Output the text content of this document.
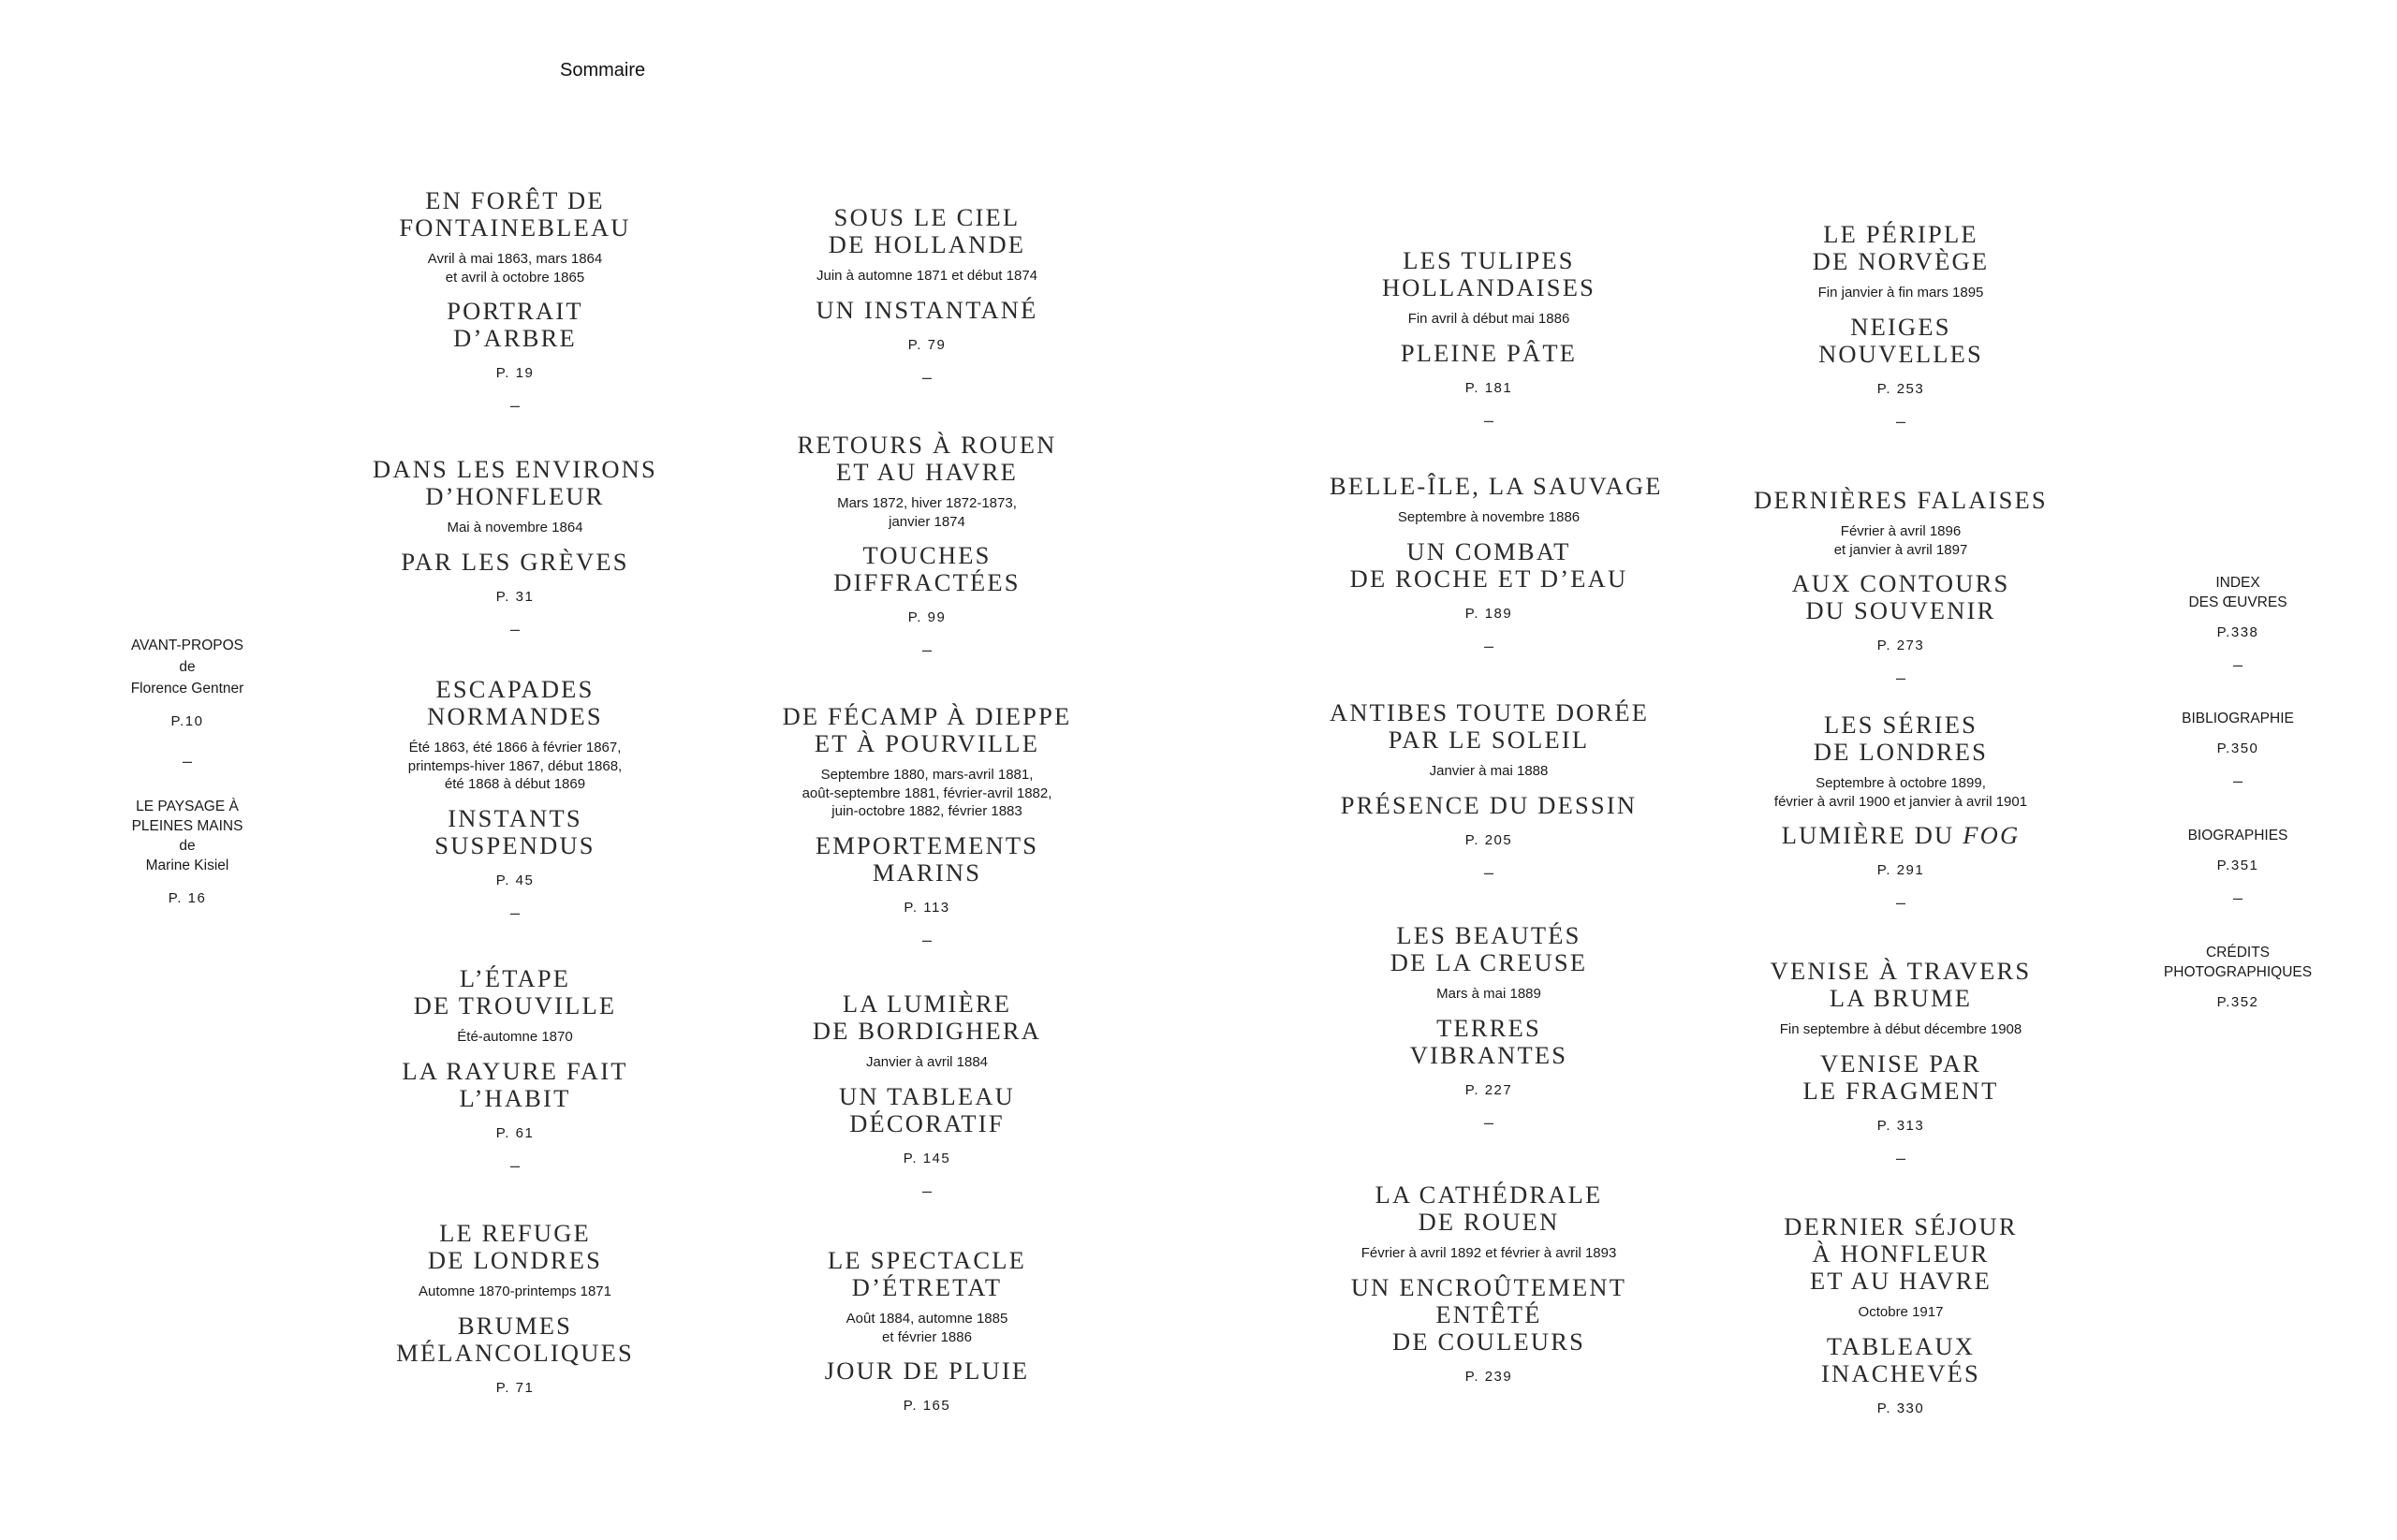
Sommaire
AVANT-PROPOS
de
Florence Gentner
P.10
–
LE PAYSAGE À
PLEINES MAINS
de
Marine Kisiel
P. 16
EN FORÊT DE
FONTAINEBLEAU
Avril à mai 1863, mars 1864
et avril à octobre 1865
PORTRAIT
D’ARBRE
P. 19
–
DANS LES ENVIRONS
D’HONFLEUR
Mai à novembre 1864
PAR LES GRÈVES
P. 31
–
ESCAPADES
NORMANDES
Été 1863, été 1866 à février 1867,
printemps-hiver 1867, début 1868,
été 1868 à début 1869
INSTANTS
SUSPENDUS
P. 45
–
L’ÉTAPE
DE TROUVILLE
Été-automne 1870
LA RAYURE FAIT
L’HABIT
P. 61
–
LE REFUGE
DE LONDRES
Automne 1870-printemps 1871
BRUMES
MÉLANCOLIQUES
P. 71
SOUS LE CIEL
DE HOLLANDE
Juin à automne 1871 et début 1874
UN INSTANTANÉ
P. 79
–
RETOURS À ROUEN
ET AU HAVRE
Mars 1872, hiver 1872-1873,
janvier 1874
TOUCHES
DIFFRACTÉES
P. 99
–
DE FÉCAMP À DIEPPE
ET À POURVILLE
Septembre 1880, mars-avril 1881,
août-septembre 1881, février-avril 1882,
juin-octobre 1882, février 1883
EMPORTEMENTS
MARINS
P. 113
–
LA LUMIÈRE
DE BORDIGHERA
Janvier à avril 1884
UN TABLEAU
DÉCORATIF
P. 145
–
LE SPECTACLE
D’ÉTRETAT
Août 1884, automne 1885
et février 1886
JOUR DE PLUIE
P. 165
LES TULIPES
HOLLANDAISES
Fin avril à début mai 1886
PLEINE PÂTE
P. 181
–
BELLE-ÎLE, LA SAUVAGE
Septembre à novembre 1886
UN COMBAT
DE ROCHE ET D’EAU
P. 189
–
ANTIBES TOUTE DORÉE
PAR LE SOLEIL
Janvier à mai 1888
PRÉSENCE DU DESSIN
P. 205
–
LES BEAUTÉS
DE LA CREUSE
Mars à mai 1889
TERRES
VIBRANTES
P. 227
–
LA CATHÉDRALE
DE ROUEN
Février à avril 1892 et février à avril 1893
UN ENCROÛTEMENT
ENTÊTÉ
DE COULEURS
P. 239
LE PÉRIPLE
DE NORVÈGE
Fin janvier à fin mars 1895
NEIGES
NOUVELLES
P. 253
–
DERNIÈRES FALAISES
Février à avril 1896
et janvier à avril 1897
AUX CONTOURS
DU SOUVENIR
P. 273
–
LES SÉRIES
DE LONDRES
Septembre à octobre 1899,
février à avril 1900 et janvier à avril 1901
LUMIÈRE DU FOG
P. 291
–
VENISE À TRAVERS
LA BRUME
Fin septembre à début décembre 1908
VENISE PAR
LE FRAGMENT
P. 313
–
DERNIER SÉJOUR
À HONFLEUR
ET AU HAVRE
Octobre 1917
TABLEAUX
INACHEVÉS
P. 330
INDEX
DES ŒUVRES
P.338
–
BIBLIOGRAPHIE
P.350
–
BIOGRAPHIES
P.351
–
CRÉDITS
PHOTOGRAPHIQUES
P.352
